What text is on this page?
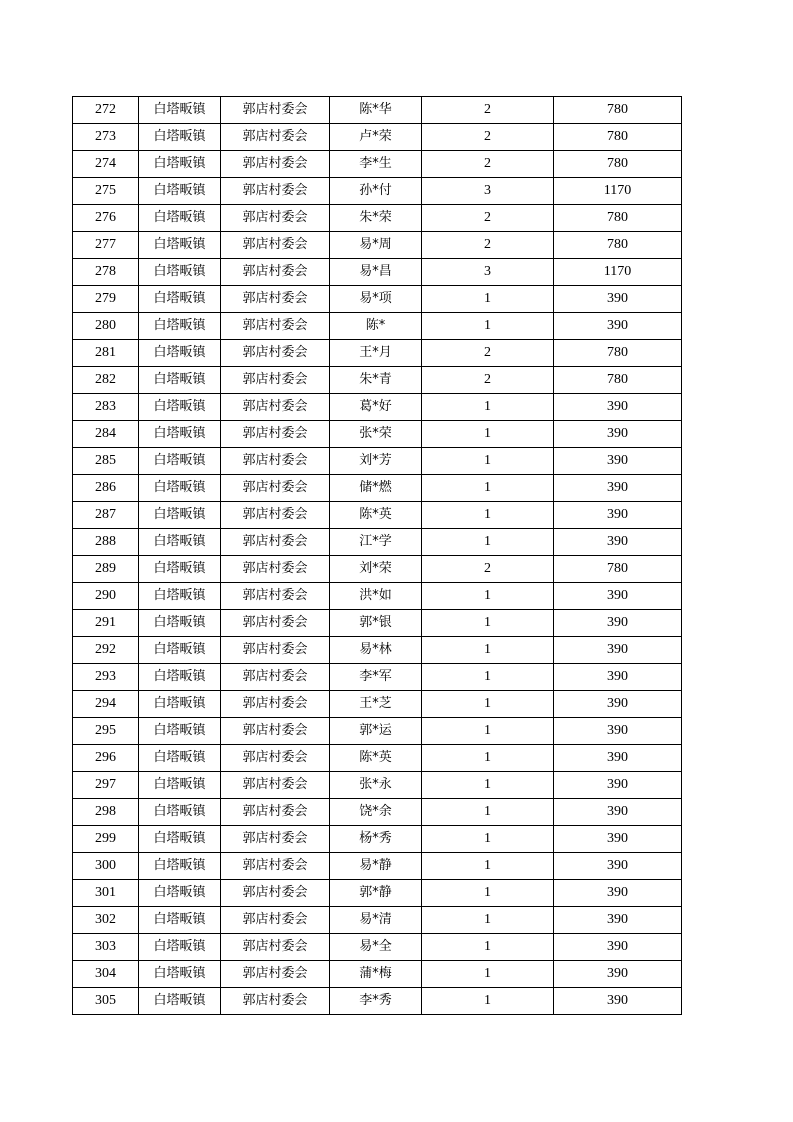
272	白塔畈镇	郭店村委会	陈*华	2	780
273	白塔畈镇	郭店村委会	卢*荣	2	780
274	白塔畈镇	郭店村委会	李*生	2	780
275	白塔畈镇	郭店村委会	孙*付	3	1170
276	白塔畈镇	郭店村委会	朱*荣	2	780
277	白塔畈镇	郭店村委会	易*周	2	780
278	白塔畈镇	郭店村委会	易*昌	3	1170
279	白塔畈镇	郭店村委会	易*项	1	390
280	白塔畈镇	郭店村委会	陈*	1	390
281	白塔畈镇	郭店村委会	王*月	2	780
282	白塔畈镇	郭店村委会	朱*青	2	780
283	白塔畈镇	郭店村委会	葛*好	1	390
284	白塔畈镇	郭店村委会	张*荣	1	390
285	白塔畈镇	郭店村委会	刘*芳	1	390
286	白塔畈镇	郭店村委会	储*燃	1	390
287	白塔畈镇	郭店村委会	陈*英	1	390
288	白塔畈镇	郭店村委会	江*学	1	390
289	白塔畈镇	郭店村委会	刘*荣	2	780
290	白塔畈镇	郭店村委会	洪*如	1	390
291	白塔畈镇	郭店村委会	郭*银	1	390
292	白塔畈镇	郭店村委会	易*林	1	390
293	白塔畈镇	郭店村委会	李*军	1	390
294	白塔畈镇	郭店村委会	王*芝	1	390
295	白塔畈镇	郭店村委会	郭*运	1	390
296	白塔畈镇	郭店村委会	陈*英	1	390
297	白塔畈镇	郭店村委会	张*永	1	390
298	白塔畈镇	郭店村委会	饶*余	1	390
299	白塔畈镇	郭店村委会	杨*秀	1	390
300	白塔畈镇	郭店村委会	易*静	1	390
301	白塔畈镇	郭店村委会	郭*静	1	390
302	白塔畈镇	郭店村委会	易*清	1	390
303	白塔畈镇	郭店村委会	易*全	1	390
304	白塔畈镇	郭店村委会	蒲*梅	1	390
305	白塔畈镇	郭店村委会	李*秀	1	390
